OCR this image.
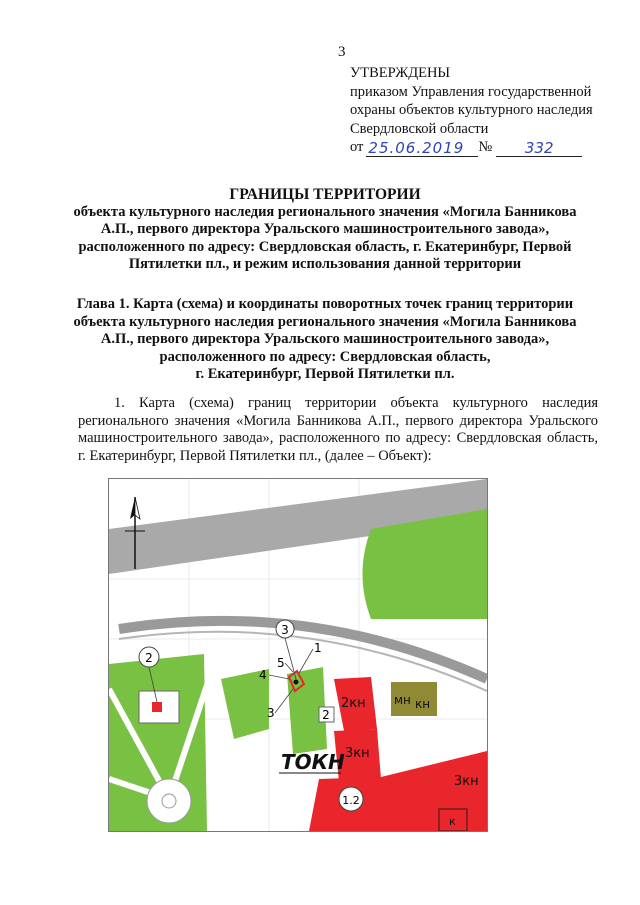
3
УТВЕРЖДЕНЫ
приказом Управления государственной
охраны объектов культурного наследия
Свердловской области
от 25.06.2019 №	332
ГРАНИЦЫ ТЕРРИТОРИИ
объекта культурного наследия регионального значения «Могила Банникова А.П., первого директора Уральского машиностроительного завода», расположенного по адресу: Свердловская область, г. Екатеринбург, Первой Пятилетки пл., и режим использования данной территории
Глава 1. Карта (схема) и координаты поворотных точек границ территории
объекта культурного наследия регионального значения «Могила Банникова
А.П., первого директора Уральского машиностроительного завода»,
расположенного по адресу: Свердловская область,
г. Екатеринбург, Первой Пятилетки пл.
1. Карта (схема) границ территории объекта культурного наследия регионального значения «Могила Банникова А.П., первого директора Уральского машиностроительного завода», расположенного по адресу: Свердловская область, г. Екатеринбург, Первой Пятилетки пл., (далее – Объект):
2
2кн
3кн
3кн
мн кн
к
2
3
1
5
4
3
ТОКН
1.2
